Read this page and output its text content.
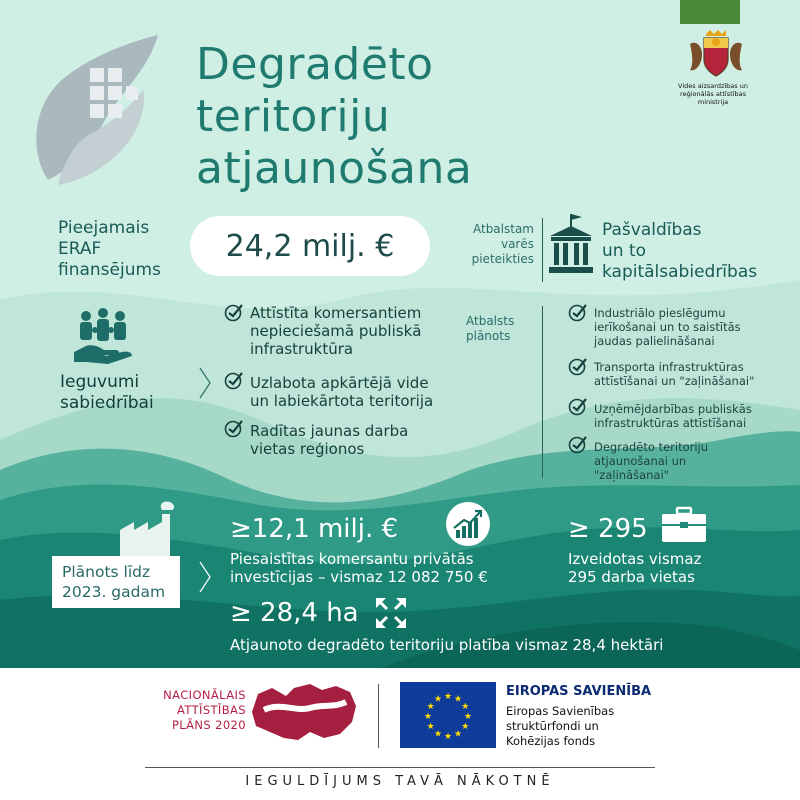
Degradēto
teritoriju
atjaunošana
Vides aizsardzības un
reģionālās attīstības
ministrija
Pieejamais
ERAF
finansējums
24,2 milj. €	Atbalstam
varēs
pieteikties
Pašvaldības
un to
kapitālsabiedrības
Ieguvumi
sabiedrībai
Attīstīta komersantiem
nepieciešamā publiskā
infrastruktūra
Uzlabota apkārtējā vide
un labiekārtota teritorija
Radītas jaunas darba
vietas reģionos
Atbalsts
plānots
Industriālo pieslēgumu
ierīkošanai un to saistītās
jaudas palielināšanai
Transporta infrastruktūras
attīstīšanai un "zaļināšanai"
Uzņēmējdarbības publiskās
infrastruktūras attīstīšanai
Degradēto teritoriju
atjaunošanai un
"zaļināšanai"
Plānots līdz
2023. gadam
≥12,1 milj. €
Piesaistītas komersantu privātās
investīcijas – vismaz 12 082 750 €
≥ 295
Izveidotas vismaz
295 darba vietas
≥ 28,4 ha
Atjaunoto degradēto teritoriju platība vismaz 28,4 hektāri
NACIONĀLAIS
ATTĪSTĪBAS
PLĀNS 2020
★ ★
★
★
★
★
★
★
★
★
★
★
EIROPAS SAVIENĪBA
Eiropas Savienības
struktūrfondi un
Kohēzijas fonds
IEGULDĪJUMS TAVĀ NĀKOTNĒ
